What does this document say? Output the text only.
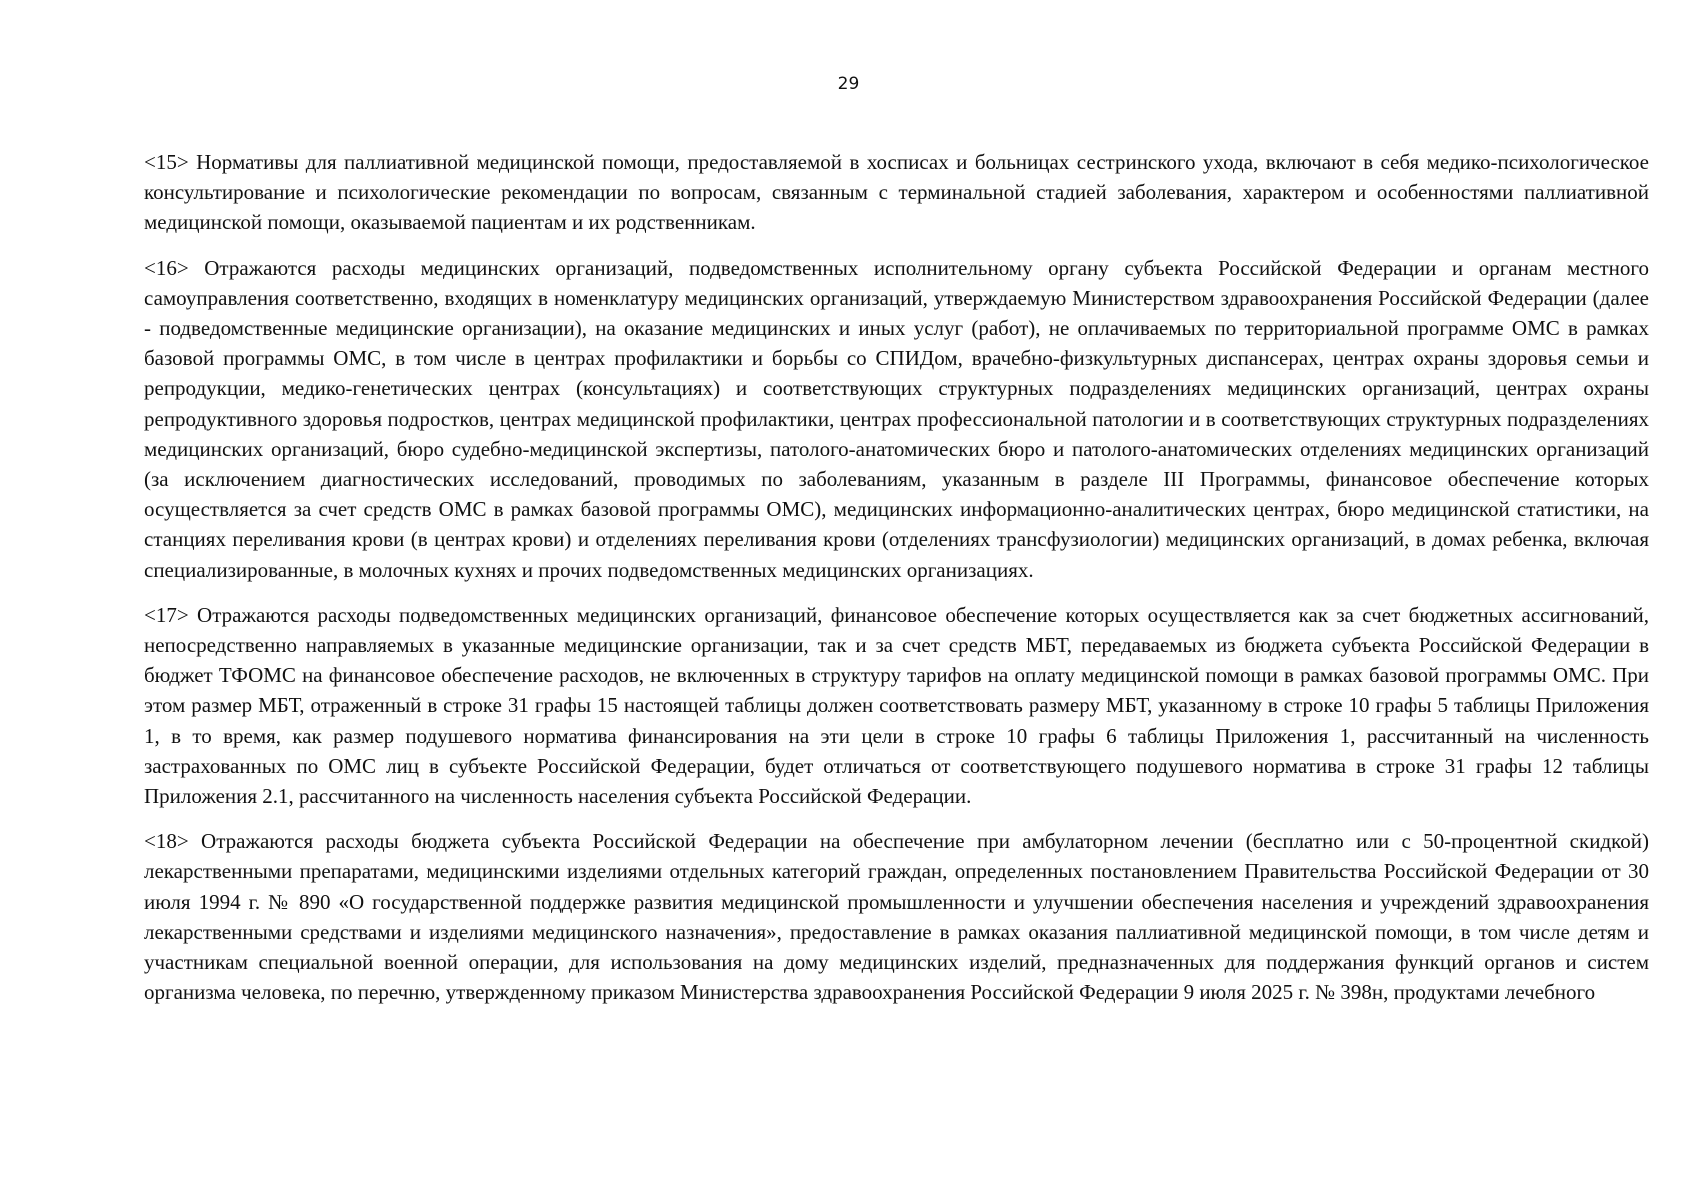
29

<15> Нормативы для паллиативной медицинской помощи, предоставляемой в хосписах и больницах сестринского ухода, включают в себя медико-психологическое консультирование и психологические рекомендации по вопросам, связанным с терминальной стадией заболевания, характером и особенностями паллиативной медицинской помощи, оказываемой пациентам и их родственникам.

<16> Отражаются расходы медицинских организаций, подведомственных исполнительному органу субъекта Российской Федерации и органам местного самоуправления соответственно, входящих в номенклатуру медицинских организаций, утверждаемую Министерством здравоохранения Российской Федерации (далее - подведомственные медицинские организации), на оказание медицинских и иных услуг (работ), не оплачиваемых по территориальной программе ОМС в рамках базовой программы ОМС, в том числе в центрах профилактики и борьбы со СПИДом, врачебно-физкультурных диспансерах, центрах охраны здоровья семьи и репродукции, медико-генетических центрах (консультациях) и соответствующих структурных подразделениях медицинских организаций, центрах охраны репродуктивного здоровья подростков, центрах медицинской профилактики, центрах профессиональной патологии и в соответствующих структурных подразделениях медицинских организаций, бюро судебно-медицинской экспертизы, патолого-анатомических бюро и патолого-анатомических отделениях медицинских организаций (за исключением диагностических исследований, проводимых по заболеваниям, указанным в разделе III Программы, финансовое обеспечение которых осуществляется за счет средств ОМС в рамках базовой программы ОМС), медицинских информационно-аналитических центрах, бюро медицинской статистики, на станциях переливания крови (в центрах крови) и отделениях переливания крови (отделениях трансфузиологии) медицинских организаций, в домах ребенка, включая специализированные, в молочных кухнях и прочих подведомственных медицинских организациях.

<17> Отражаются расходы подведомственных медицинских организаций, финансовое обеспечение которых осуществляется как за счет бюджетных ассигнований, непосредственно направляемых в указанные медицинские организации, так и за счет средств МБТ, передаваемых из бюджета субъекта Российской Федерации в бюджет ТФОМС на финансовое обеспечение расходов, не включенных в структуру тарифов на оплату медицинской помощи в рамках базовой программы ОМС. При этом размер МБТ, отраженный в строке 31 графы 15 настоящей таблицы должен соответствовать размеру МБТ, указанному в строке 10 графы 5 таблицы Приложения 1, в то время, как размер подушевого норматива финансирования на эти цели в строке 10 графы 6 таблицы Приложения 1, рассчитанный на численность застрахованных по ОМС лиц в субъекте Российской Федерации, будет отличаться от соответствующего подушевого норматива в строке 31 графы 12 таблицы Приложения 2.1, рассчитанного на численность населения субъекта Российской Федерации.

<18> Отражаются расходы бюджета субъекта Российской Федерации на обеспечение при амбулаторном лечении (бесплатно или с 50-процентной скидкой) лекарственными препаратами, медицинскими изделиями отдельных категорий граждан, определенных постановлением Правительства Российской Федерации от 30 июля 1994 г. № 890 «О государственной поддержке развития медицинской промышленности и улучшении обеспечения населения и учреждений здравоохранения лекарственными средствами и изделиями медицинского назначения», предоставление в рамках оказания паллиативной медицинской помощи, в том числе детям и участникам специальной военной операции, для использования на дому медицинских изделий, предназначенных для поддержания функций органов и систем организма человека, по перечню, утвержденному приказом Министерства здравоохранения Российской Федерации 9 июля 2025 г. № 398н, продуктами лечебного
